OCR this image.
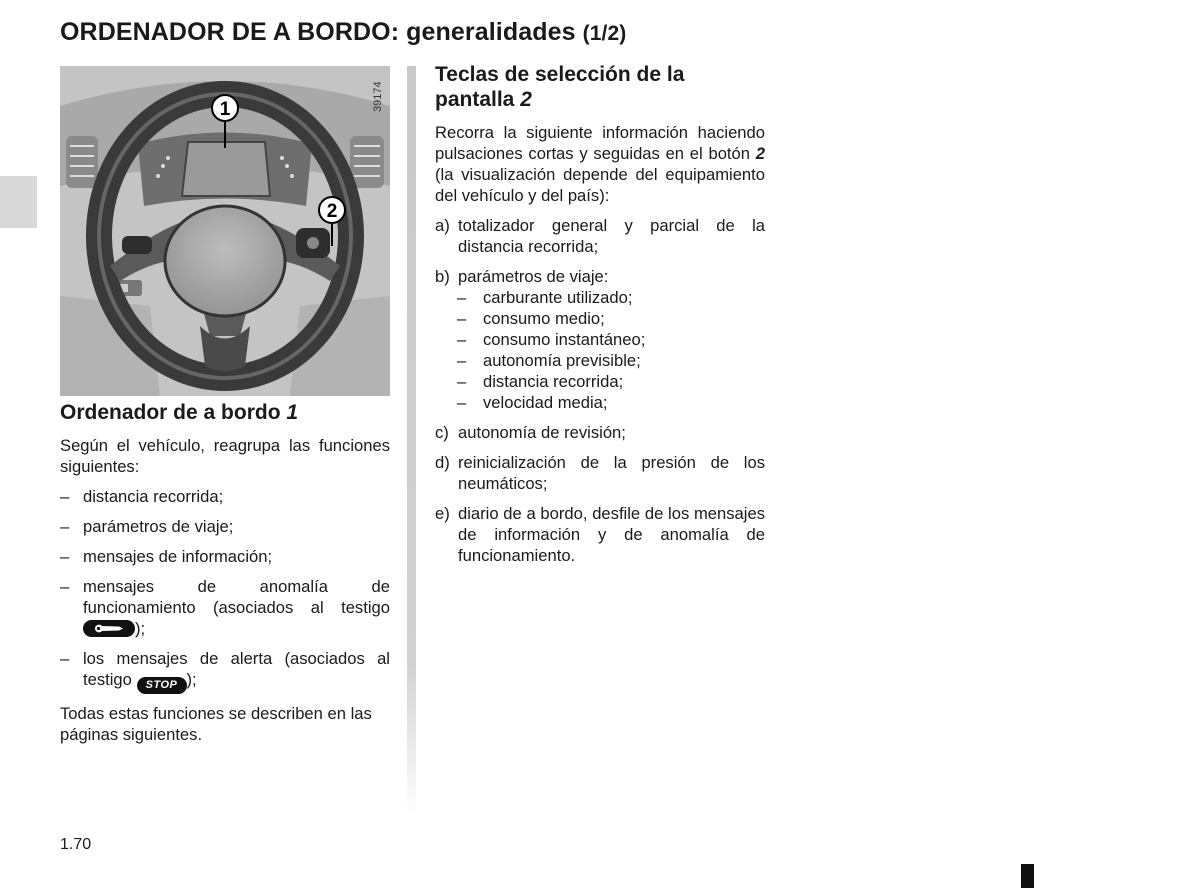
ORDENADOR DE A BORDO: generalidades (1/2)
1
2
39174
Ordenador de a bordo 1

Según el vehículo, reagrupa las funciones siguientes:

– distancia recorrida;
– parámetros de viaje;
– mensajes de información;
– mensajes de anomalía de funcionamiento (asociados al testigo
);
– los mensajes de alerta (asociados al testigo STOP );

Todas estas funciones se describen en las páginas siguientes.

Teclas de selección de la
pantalla 2

Recorra la siguiente información haciendo pulsaciones cortas y seguidas en el botón 2 (la visualización depende del equipamiento del vehículo y del país):

a) totalizador general y parcial de la distancia recorrida;
b) parámetros de viaje:
– carburante utilizado;
– consumo medio;
– consumo instantáneo;
– autonomía previsible;
– distancia recorrida;
– velocidad media;
c) autonomía de revisión;
d) reinicialización de la presión de los neumáticos;
e) diario de a bordo, desfile de los mensajes de información y de anomalía de funcionamiento.
1.70
